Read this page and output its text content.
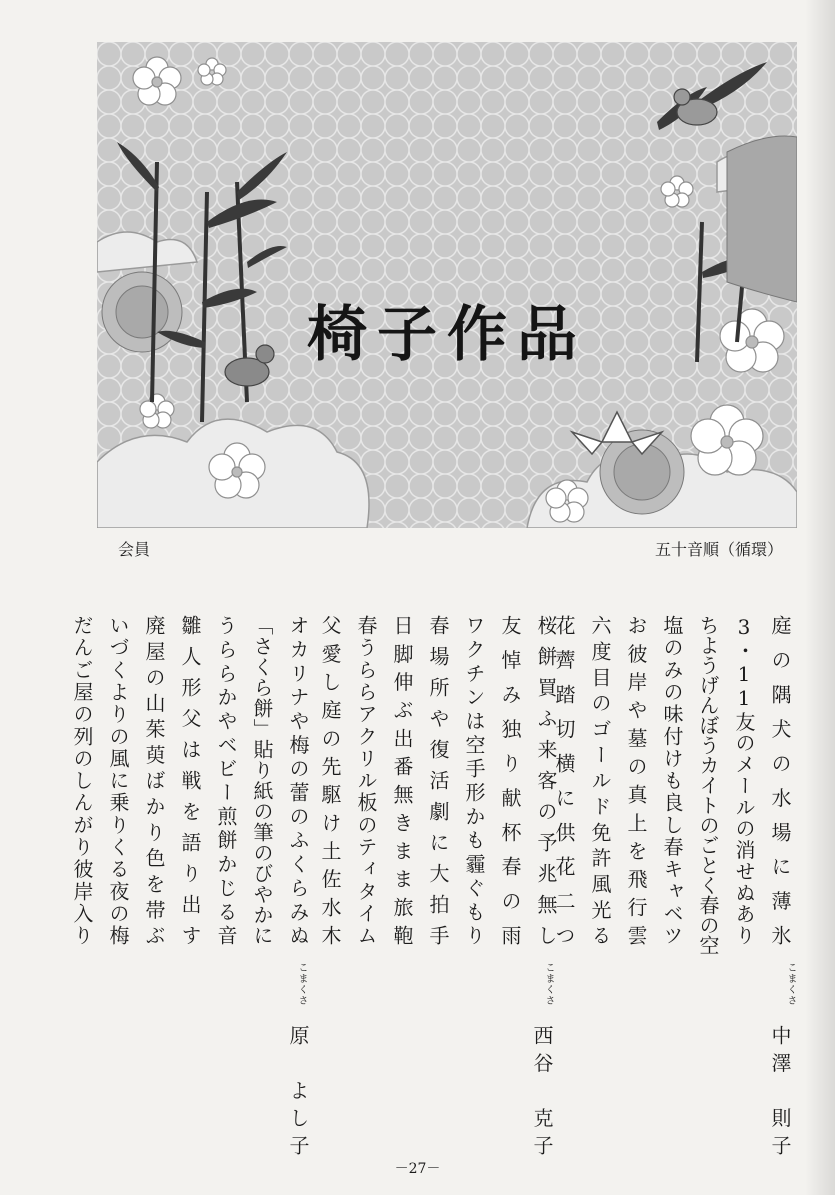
椅子作品
会員	五十音順（循環）
庭の隅犬の水場に薄氷
3・11友のメールの消せぬあり
ちようげんぼうカイトのごとく春の空
塩のみの味付けも良し春キャベツ
お彼岸や墓の真上を飛行雲
六度目のゴールド免許風光る
花薺踏切横に供花二つ
こまくさ
中澤　則子
桜餅買ふ来客の予兆無し
友悼み独り献杯春の雨
ワクチンは空手形かも霾ぐもり
春場所や復活劇に大拍手
日脚伸ぶ出番無きまま旅鞄
春うららアクリル板のティタイム
父愛し庭の先駆け土佐水木
こまくさ
西谷　克子
オカリナや梅の蕾のふくらみぬ
「さくら餅」貼り紙の筆のびやかに
うららかやベビー煎餅かじる音
雛人形父は戦を語り出す
廃屋の山茱萸ばかり色を帯ぶ
いづくよりの風に乗りくる夜の梅
だんご屋の列のしんがり彼岸入り
こまくさ
原　よし子
－27－
